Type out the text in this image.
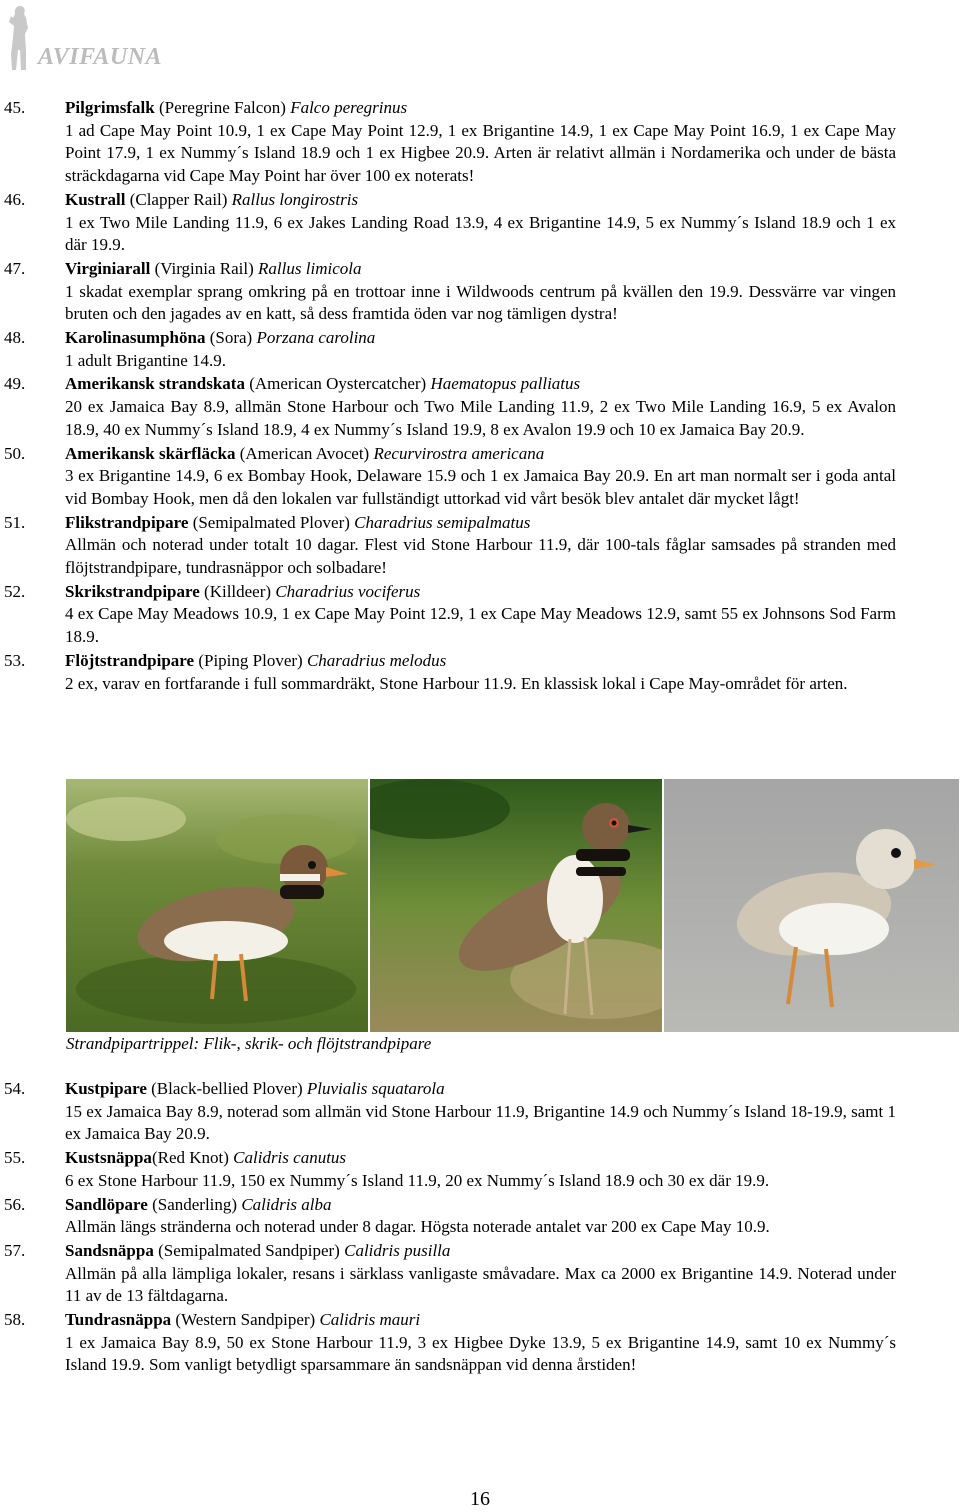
AVIFAUNA
45. Pilgrimsfalk (Peregrine Falcon) Falco peregrinus
1 ad Cape May Point 10.9, 1 ex Cape May Point 12.9, 1 ex Brigantine 14.9, 1 ex Cape May Point 16.9, 1 ex Cape May Point 17.9, 1 ex Nummy´s Island 18.9 och 1 ex Higbee 20.9. Arten är relativt allmän i Nordamerika och under de bästa sträckdagarna vid Cape May Point har över 100 ex noterats!
46. Kustrall (Clapper Rail) Rallus longirostris
1 ex Two Mile Landing 11.9, 6 ex Jakes Landing Road 13.9, 4 ex Brigantine 14.9, 5 ex Nummy´s Island 18.9 och 1 ex där 19.9.
47. Virginiarall (Virginia Rail) Rallus limicola
1 skadat exemplar sprang omkring på en trottoar inne i Wildwoods centrum på kvällen den 19.9. Dessvärre var vingen bruten och den jagades av en katt, så dess framtida öden var nog tämligen dystra!
48. Karolinasumphöna (Sora) Porzana carolina
1 adult Brigantine 14.9.
49. Amerikansk strandskata (American Oystercatcher) Haematopus palliatus
20 ex Jamaica Bay 8.9, allmän Stone Harbour och Two Mile Landing 11.9, 2 ex Two Mile Landing 16.9, 5 ex Avalon 18.9, 40 ex Nummy´s Island 18.9, 4 ex Nummy´s Island 19.9, 8 ex Avalon 19.9 och 10 ex Jamaica Bay 20.9.
50. Amerikansk skärfläcka (American Avocet) Recurvirostra americana
3 ex Brigantine 14.9, 6 ex Bombay Hook, Delaware 15.9 och 1 ex Jamaica Bay 20.9. En art man normalt ser i goda antal vid Bombay Hook, men då den lokalen var fullständigt uttorkad vid vårt besök blev antalet där mycket lågt!
51. Flikstrandpipare (Semipalmated Plover) Charadrius semipalmatus
Allmän och noterad under totalt 10 dagar. Flest vid Stone Harbour 11.9, där 100-tals fåglar samsades på stranden med flöjtstrandpipare, tundrasnäppor och solbadare!
52. Skrikstrandpipare (Killdeer) Charadrius vociferus
4 ex Cape May Meadows 10.9, 1 ex Cape May Point 12.9, 1 ex Cape May Meadows 12.9, samt 55 ex Johnsons Sod Farm 18.9.
53. Flöjtstrandpipare (Piping Plover) Charadrius melodus
2 ex, varav en fortfarande i full sommardräkt, Stone Harbour 11.9. En klassisk lokal i Cape May-området för arten.
Strandpipartrippel: Flik-, skrik- och flöjtstrandpipare
54. Kustpipare (Black-bellied Plover) Pluvialis squatarola
15 ex Jamaica Bay 8.9, noterad som allmän vid Stone Harbour 11.9, Brigantine 14.9 och Nummy´s Island 18-19.9, samt 1 ex Jamaica Bay 20.9.
55. Kustsnäppa(Red Knot) Calidris canutus
6 ex Stone Harbour 11.9, 150 ex Nummy´s Island 11.9, 20 ex Nummy´s Island 18.9 och 30 ex där 19.9.
56. Sandlöpare (Sanderling) Calidris alba
Allmän längs stränderna och noterad under 8 dagar. Högsta noterade antalet var 200 ex Cape May 10.9.
57. Sandsnäppa (Semipalmated Sandpiper) Calidris pusilla
Allmän på alla lämpliga lokaler, resans i särklass vanligaste småvadare. Max ca 2000 ex Brigantine 14.9. Noterad under 11 av de 13 fältdagarna.
58. Tundrasnäppa (Western Sandpiper) Calidris mauri
1 ex Jamaica Bay 8.9, 50 ex Stone Harbour 11.9, 3 ex Higbee Dyke 13.9, 5 ex Brigantine 14.9, samt 10 ex Nummy´s Island 19.9. Som vanligt betydligt sparsammare än sandsnäppan vid denna årstiden!
16
